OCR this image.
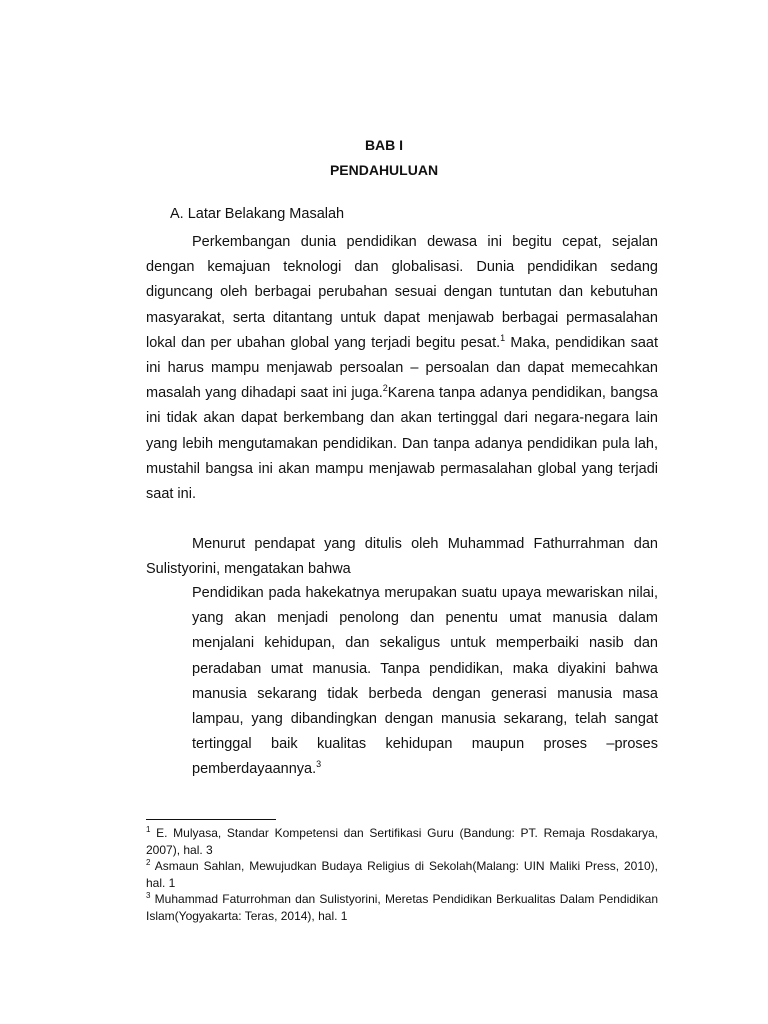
BAB I
PENDAHULUAN
A. Latar Belakang Masalah

Perkembangan dunia pendidikan dewasa ini begitu cepat, sejalan dengan kemajuan teknologi dan globalisasi. Dunia pendidikan sedang diguncang oleh berbagai perubahan sesuai dengan tuntutan dan kebutuhan masyarakat, serta ditantang untuk dapat menjawab berbagai permasalahan lokal dan per ubahan global yang terjadi begitu pesat.$^1$ Maka, pendidikan saat ini harus mampu menjawab persoalan – persoalan dan dapat memecahkan masalah yang dihadapi saat ini juga.$^2$Karena tanpa adanya pendidikan, bangsa ini tidak akan dapat berkembang dan akan tertinggal dari negara-negara lain yang lebih mengutamakan pendidikan. Dan tanpa adanya pendidikan pula lah, mustahil bangsa ini akan mampu menjawab permasalahan global yang terjadi saat ini.

Menurut pendapat yang ditulis oleh Muhammad Fathurrahman dan Sulistyorini, mengatakan bahwa

Pendidikan pada hakekatnya merupakan suatu upaya mewariskan nilai, yang akan menjadi penolong dan penentu umat manusia dalam menjalani kehidupan, dan sekaligus untuk memperbaiki nasib dan peradaban umat manusia. Tanpa pendidikan, maka diyakini bahwa manusia sekarang tidak berbeda dengan generasi manusia masa lampau, yang dibandingkan dengan manusia sekarang, telah sangat tertinggal baik kualitas kehidupan maupun proses –proses pemberdayaannya.$^3$

$^1$ E. Mulyasa, Standar Kompetensi dan Sertifikasi Guru (Bandung: PT. Remaja Rosdakarya, 2007), hal. 3

$^2$ Asmaun Sahlan, Mewujudkan Budaya Religius di Sekolah(Malang: UIN Maliki Press, 2010), hal. 1

$^3$ Muhammad Faturrohman dan Sulistyorini, Meretas Pendidikan Berkualitas Dalam Pendidikan Islam(Yogyakarta: Teras, 2014), hal. 1
